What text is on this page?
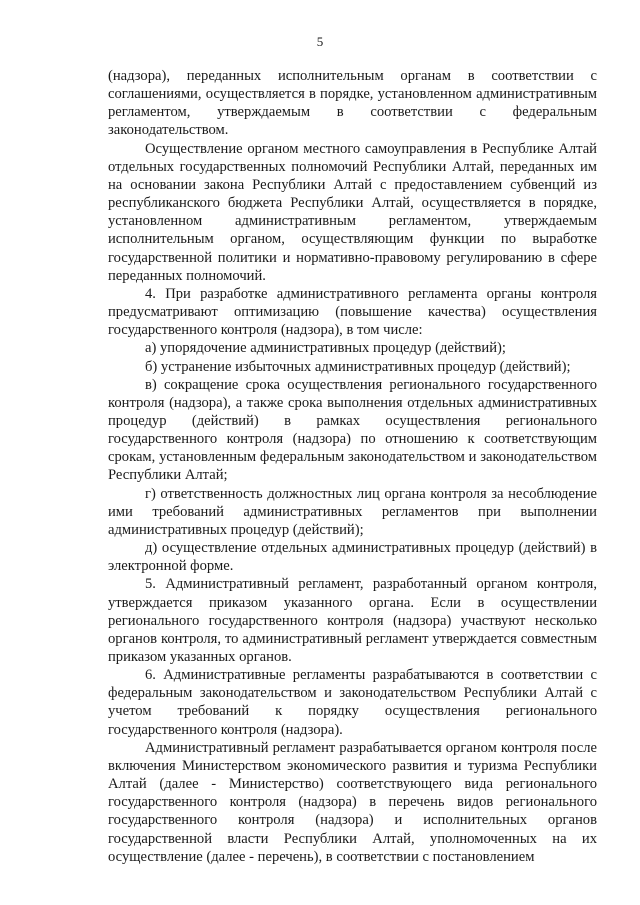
5

(надзора), переданных исполнительным органам в соответствии с соглашениями, осуществляется в порядке, установленном административным регламентом, утверждаемым в соответствии с федеральным законодательством.

Осуществление органом местного самоуправления в Республике Алтай отдельных государственных полномочий Республики Алтай, переданных им на основании закона Республики Алтай с предоставлением субвенций из республиканского бюджета Республики Алтай, осуществляется в порядке, установленном административным регламентом, утверждаемым исполнительным органом, осуществляющим функции по выработке государственной политики и нормативно-правовому регулированию в сфере переданных полномочий.

4. При разработке административного регламента органы контроля предусматривают оптимизацию (повышение качества) осуществления государственного контроля (надзора), в том числе:

а) упорядочение административных процедур (действий);

б) устранение избыточных административных процедур (действий);

в) сокращение срока осуществления регионального государственного контроля (надзора), а также срока выполнения отдельных административных процедур (действий) в рамках осуществления регионального государственного контроля (надзора) по отношению к соответствующим срокам, установленным федеральным законодательством и законодательством Республики Алтай;

г) ответственность должностных лиц органа контроля за несоблюдение ими требований административных регламентов при выполнении административных процедур (действий);

д) осуществление отдельных административных процедур (действий) в электронной форме.

5. Административный регламент, разработанный органом контроля, утверждается приказом указанного органа. Если в осуществлении регионального государственного контроля (надзора) участвуют несколько органов контроля, то административный регламент утверждается совместным приказом указанных органов.

6. Административные регламенты разрабатываются в соответствии с федеральным законодательством и законодательством Республики Алтай с учетом требований к порядку осуществления регионального государственного контроля (надзора).

Административный регламент разрабатывается органом контроля после включения Министерством экономического развития и туризма Республики Алтай (далее - Министерство) соответствующего вида регионального государственного контроля (надзора) в перечень видов регионального государственного контроля (надзора) и исполнительных органов государственной власти Республики Алтай, уполномоченных на их осуществление (далее - перечень), в соответствии с постановлением
